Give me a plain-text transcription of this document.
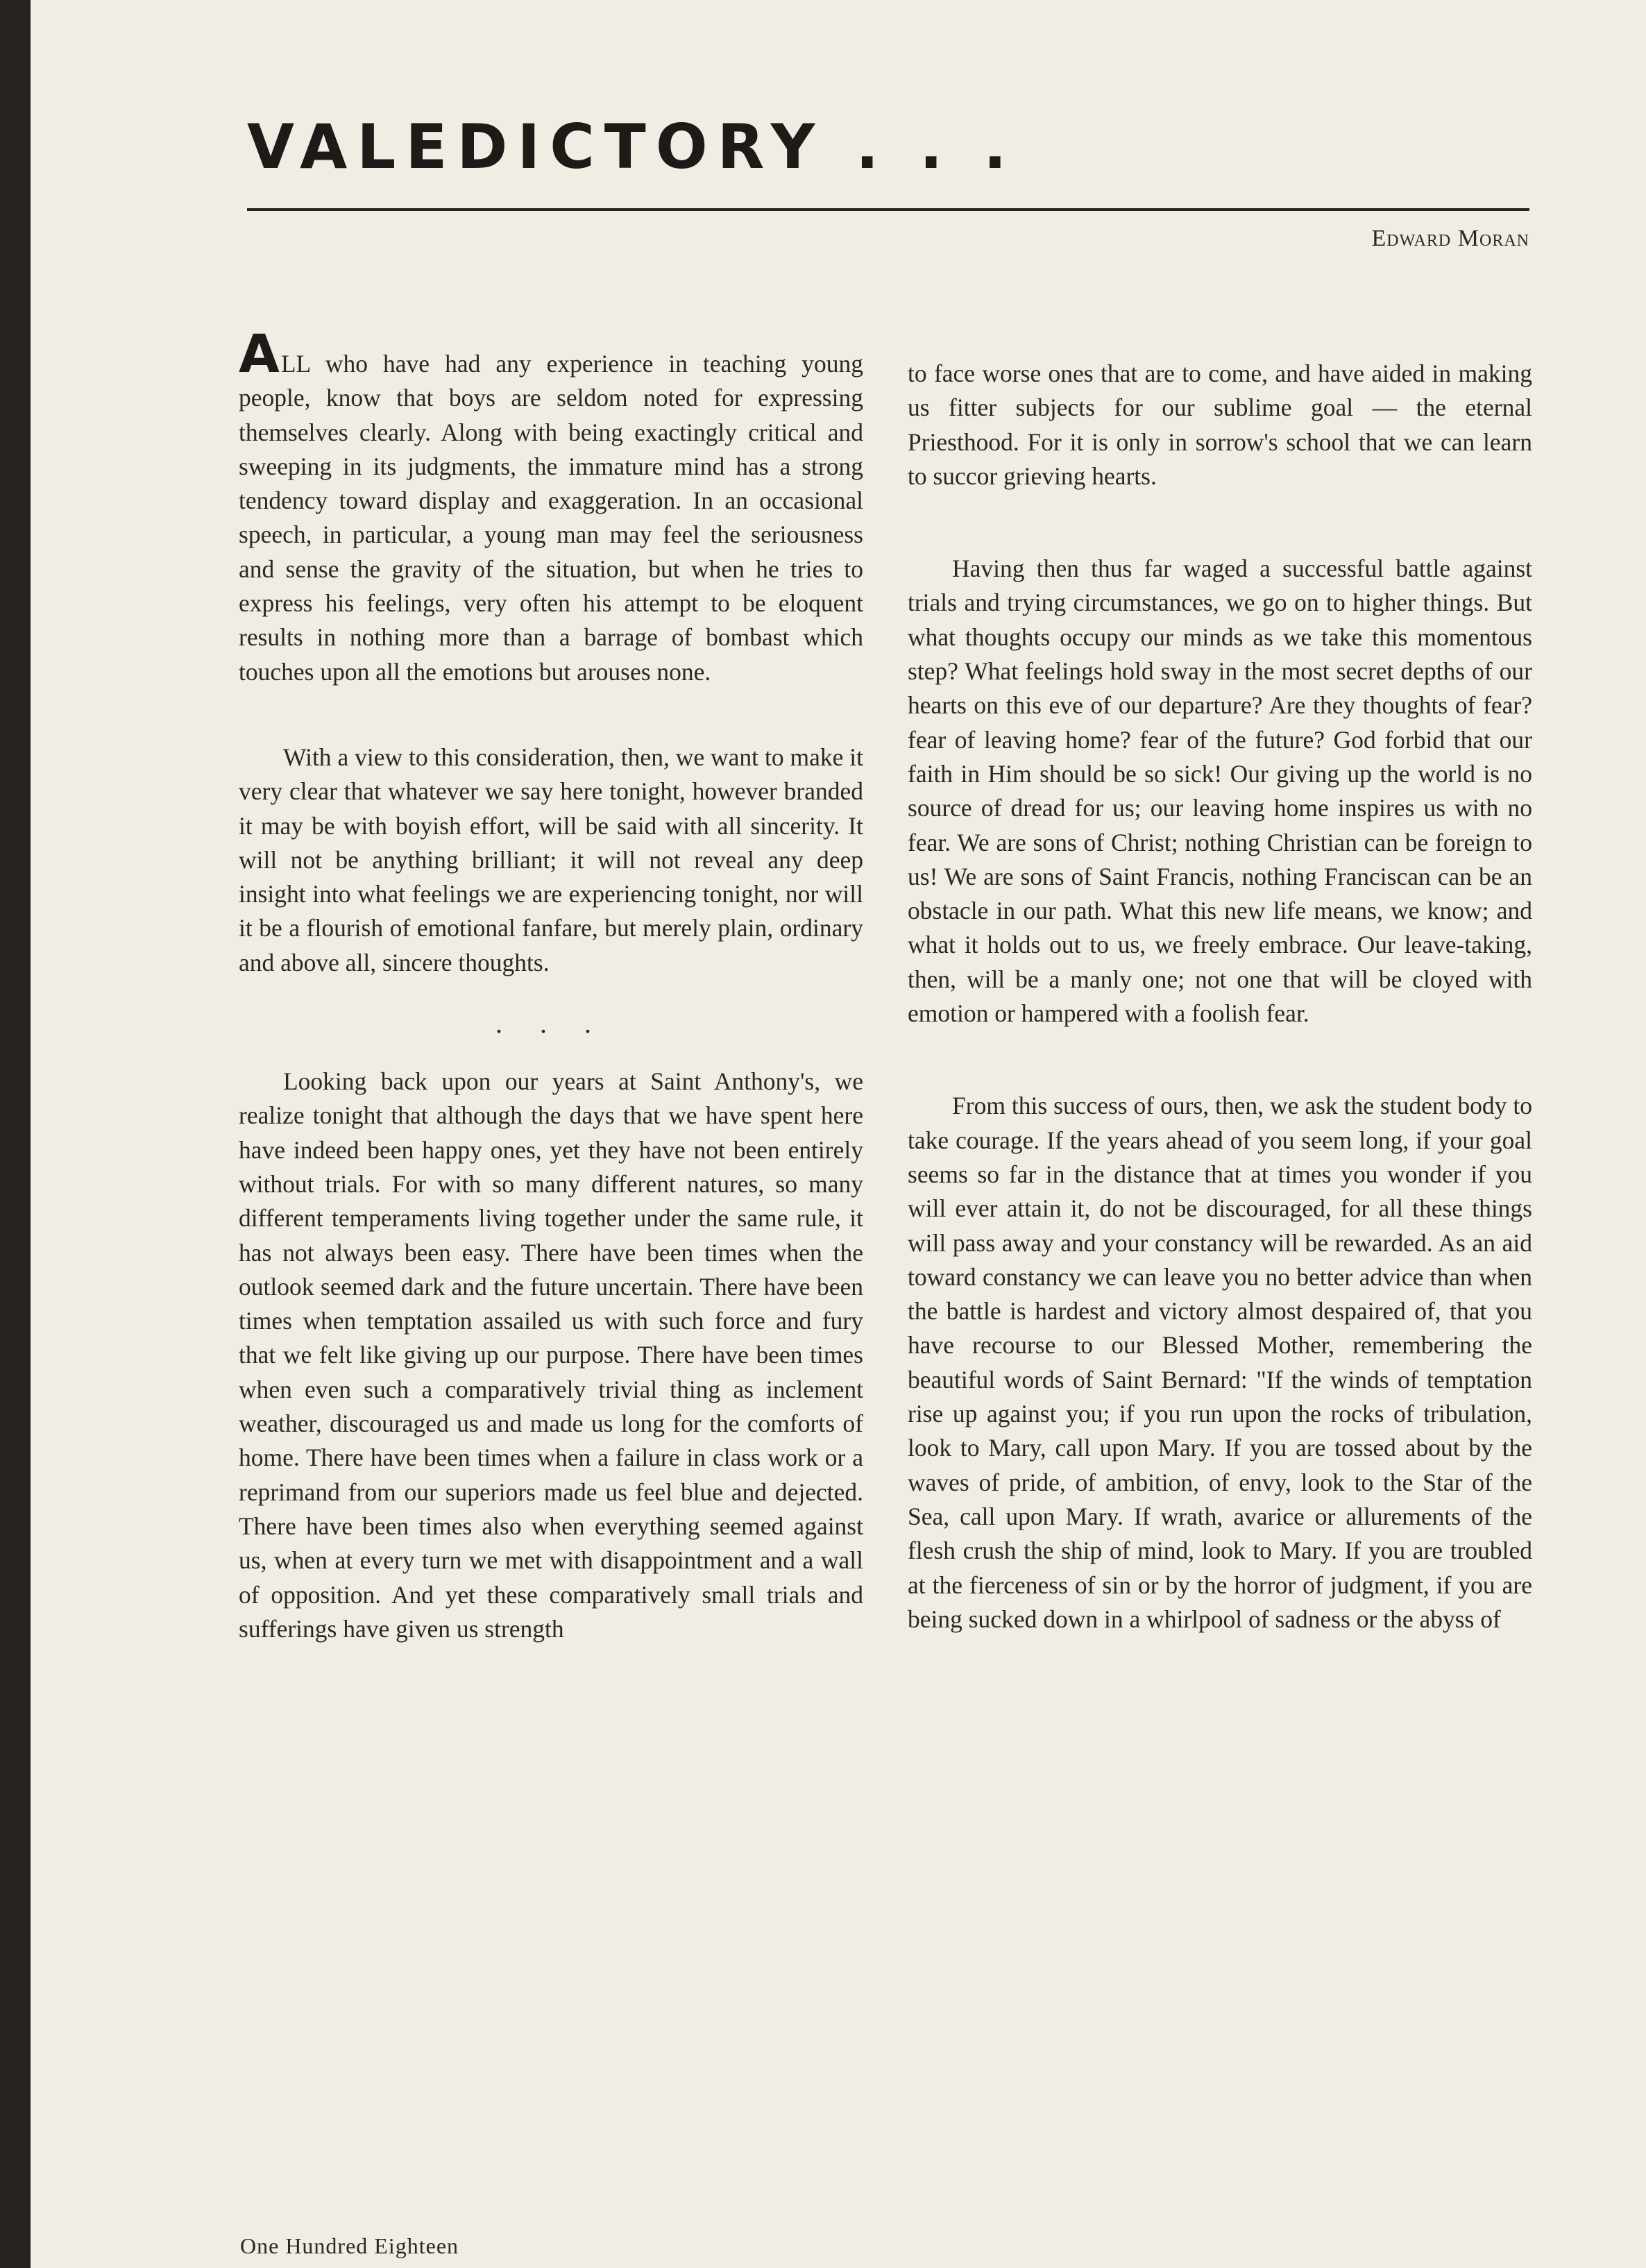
VALEDICTORY . . .
Edward Moran

ALL who have had any experience in teaching young people, know that boys are seldom noted for expressing themselves clearly. Along with being exactingly critical and sweeping in its judgments, the immature mind has a strong tendency toward display and exaggeration. In an occasional speech, in particular, a young man may feel the seriousness and sense the gravity of the situation, but when he tries to express his feelings, very often his attempt to be eloquent results in nothing more than a barrage of bombast which touches upon all the emotions but arouses none.

With a view to this consideration, then, we want to make it very clear that whatever we say here tonight, however branded it may be with boyish effort, will be said with all sincerity. It will not be anything brilliant; it will not reveal any deep insight into what feelings we are experiencing tonight, nor will it be a flourish of emotional fanfare, but merely plain, ordinary and above all, sincere thoughts.

. . .

Looking back upon our years at Saint Anthony's, we realize tonight that although the days that we have spent here have indeed been happy ones, yet they have not been entirely without trials. For with so many different natures, so many different temperaments living together under the same rule, it has not always been easy. There have been times when the outlook seemed dark and the future uncertain. There have been times when temptation assailed us with such force and fury that we felt like giving up our purpose. There have been times when even such a comparatively trivial thing as inclement weather, discouraged us and made us long for the comforts of home. There have been times when a failure in class work or a reprimand from our superiors made us feel blue and dejected. There have been times also when everything seemed against us, when at every turn we met with disappointment and a wall of opposition. And yet these comparatively small trials and sufferings have given us strength

to face worse ones that are to come, and have aided in making us fitter subjects for our sublime goal — the eternal Priesthood. For it is only in sorrow's school that we can learn to succor grieving hearts.

Having then thus far waged a successful battle against trials and trying circumstances, we go on to higher things. But what thoughts occupy our minds as we take this momentous step? What feelings hold sway in the most secret depths of our hearts on this eve of our departure? Are they thoughts of fear? fear of leaving home? fear of the future? God forbid that our faith in Him should be so sick! Our giving up the world is no source of dread for us; our leaving home inspires us with no fear. We are sons of Christ; nothing Christian can be foreign to us! We are sons of Saint Francis, nothing Franciscan can be an obstacle in our path. What this new life means, we know; and what it holds out to us, we freely embrace. Our leave-taking, then, will be a manly one; not one that will be cloyed with emotion or hampered with a foolish fear.

From this success of ours, then, we ask the student body to take courage. If the years ahead of you seem long, if your goal seems so far in the distance that at times you wonder if you will ever attain it, do not be discouraged, for all these things will pass away and your constancy will be rewarded. As an aid toward constancy we can leave you no better advice than when the battle is hardest and victory almost despaired of, that you have recourse to our Blessed Mother, remembering the beautiful words of Saint Bernard: "If the winds of temptation rise up against you; if you run upon the rocks of tribulation, look to Mary, call upon Mary. If you are tossed about by the waves of pride, of ambition, of envy, look to the Star of the Sea, call upon Mary. If wrath, avarice or allurements of the flesh crush the ship of mind, look to Mary. If you are troubled at the fierceness of sin or by the horror of judgment, if you are being sucked down in a whirlpool of sadness or the abyss of

One Hundred Eighteen
